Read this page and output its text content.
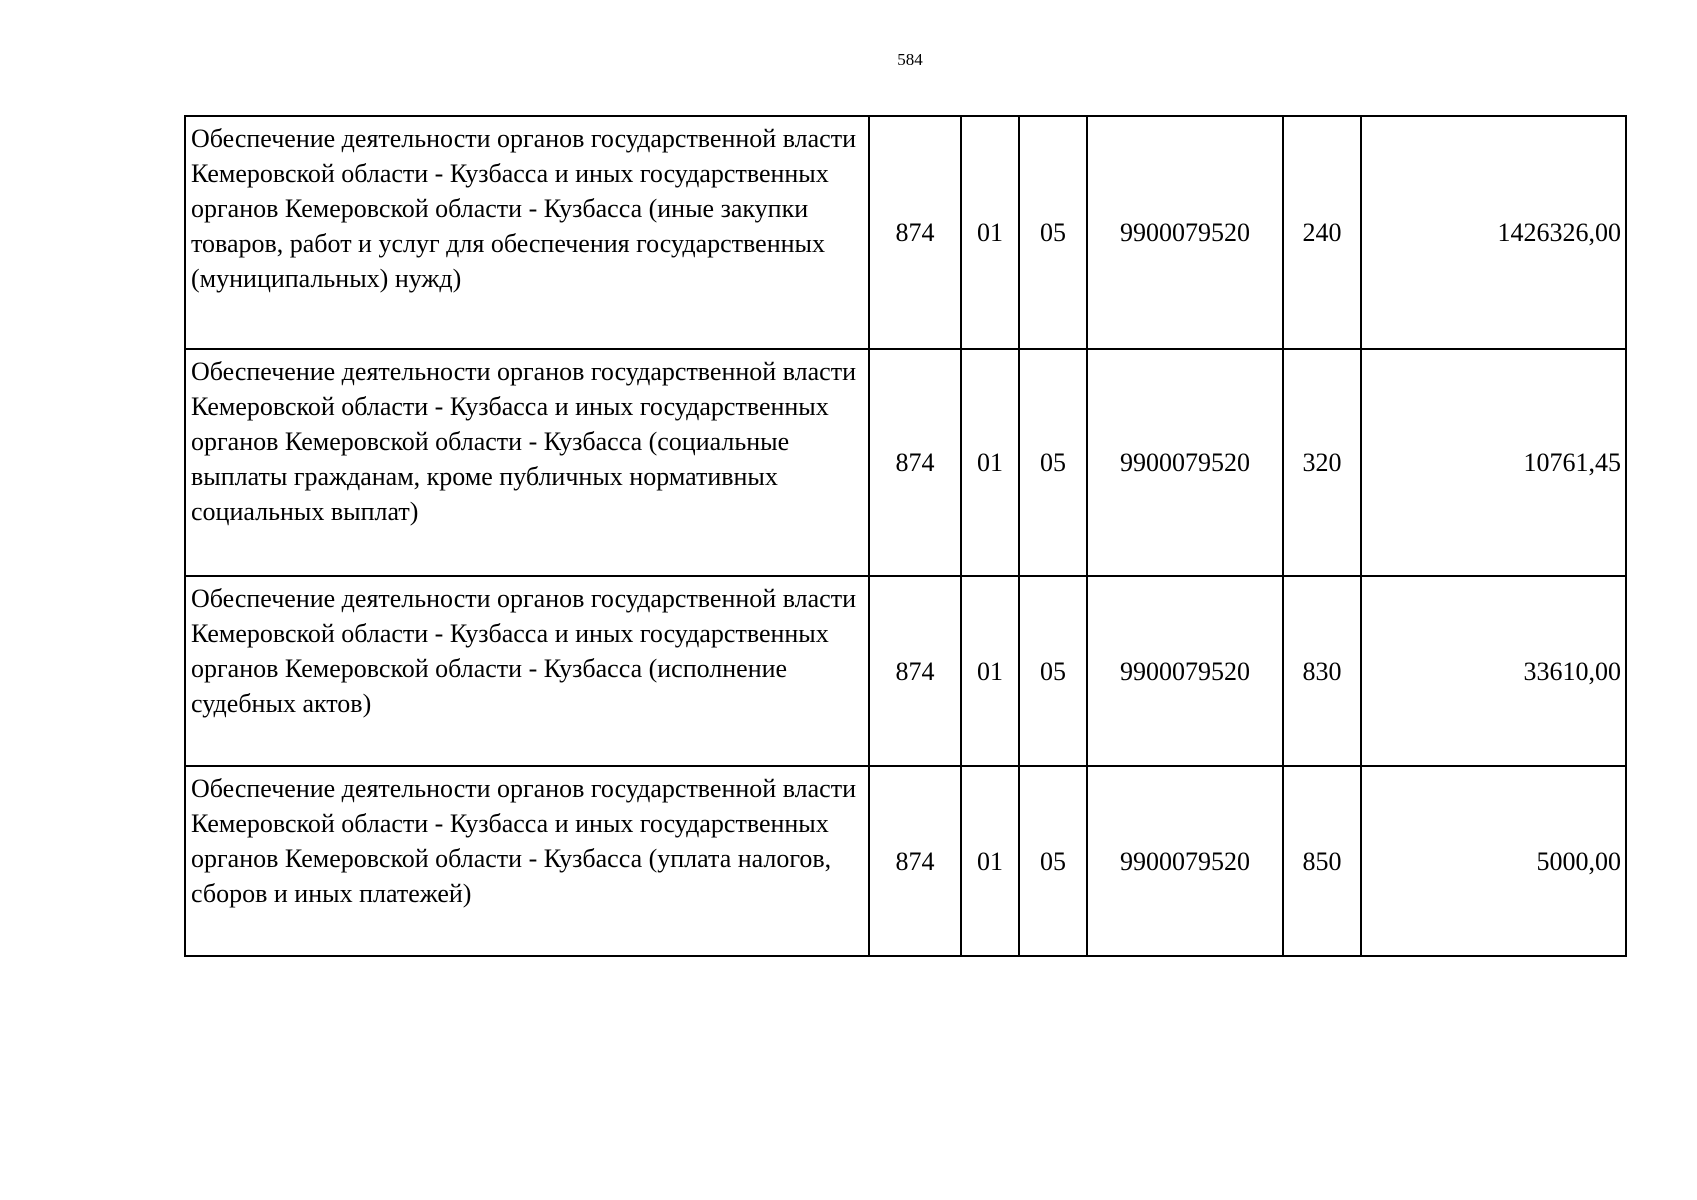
584
Обеспечение деятельности органов государственной власти Кемеровской области - Кузбасса и иных государственных органов Кемеровской области - Кузбасса (иные закупки товаров, работ и услуг для обеспечения государственных (муниципальных) нужд)	874	01	05	9900079520	240	1426326,00
Обеспечение деятельности органов государственной власти Кемеровской области - Кузбасса и иных государственных органов Кемеровской области - Кузбасса (социальные выплаты гражданам, кроме публичных нормативных социальных выплат)	874	01	05	9900079520	320	10761,45
Обеспечение деятельности органов государственной власти Кемеровской области - Кузбасса и иных государственных органов Кемеровской области - Кузбасса (исполнение судебных актов)	874	01	05	9900079520	830	33610,00
Обеспечение деятельности органов государственной власти Кемеровской области - Кузбасса и иных государственных органов Кемеровской области - Кузбасса (уплата налогов, сборов и иных платежей)	874	01	05	9900079520	850	5000,00
